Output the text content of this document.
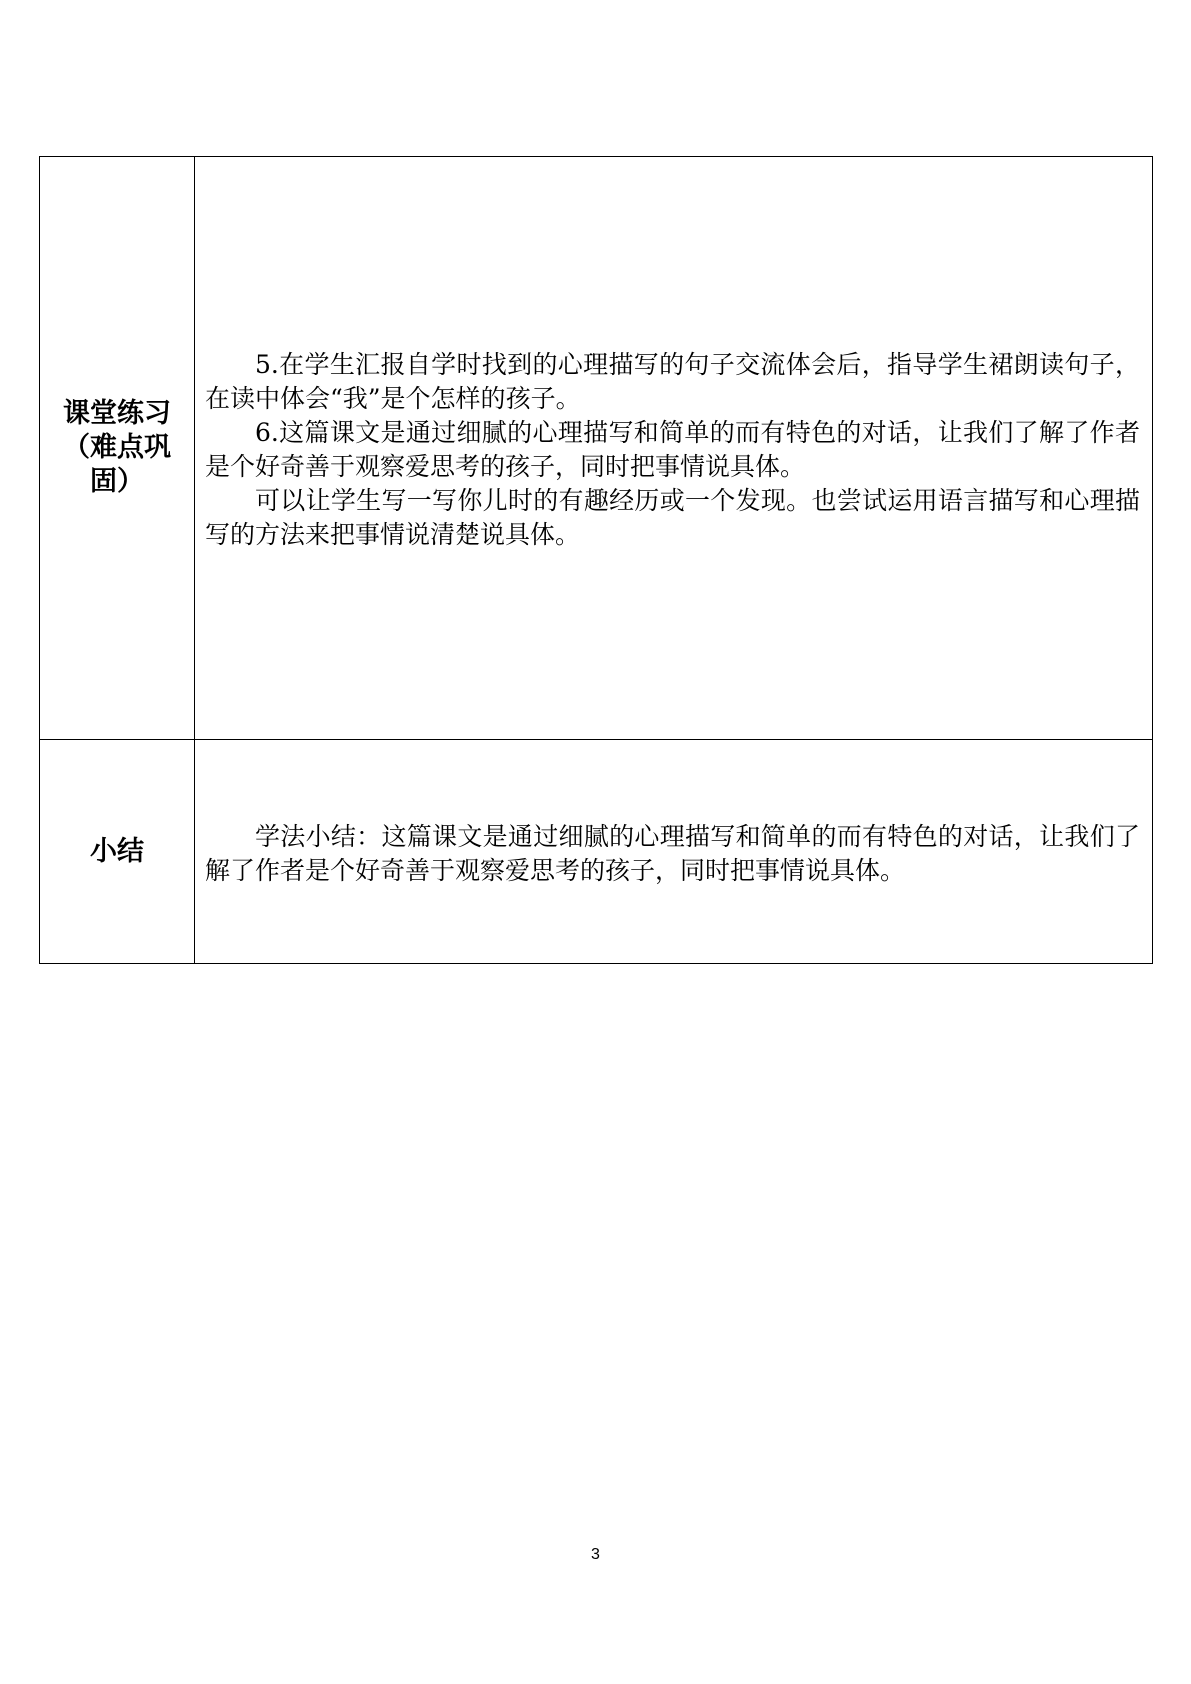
课堂练习（难点巩固）	5.在学生汇报自学时找到的心理描写的句子交流体会后，指导学生裙朗读句子，在读中体会“我”是个怎样的孩子。

6.这篇课文是通过细腻的心理描写和简单的而有特色的对话，让我们了解了作者是个好奇善于观察爱思考的孩子，同时把事情说具体。

可以让学生写一写你儿时的有趣经历或一个发现。也尝试运用语言描写和心理描写的方法来把事情说清楚说具体。

小结	学法小结：这篇课文是通过细腻的心理描写和简单的而有特色的对话，让我们了解了作者是个好奇善于观察爱思考的孩子，同时把事情说具体。

3
